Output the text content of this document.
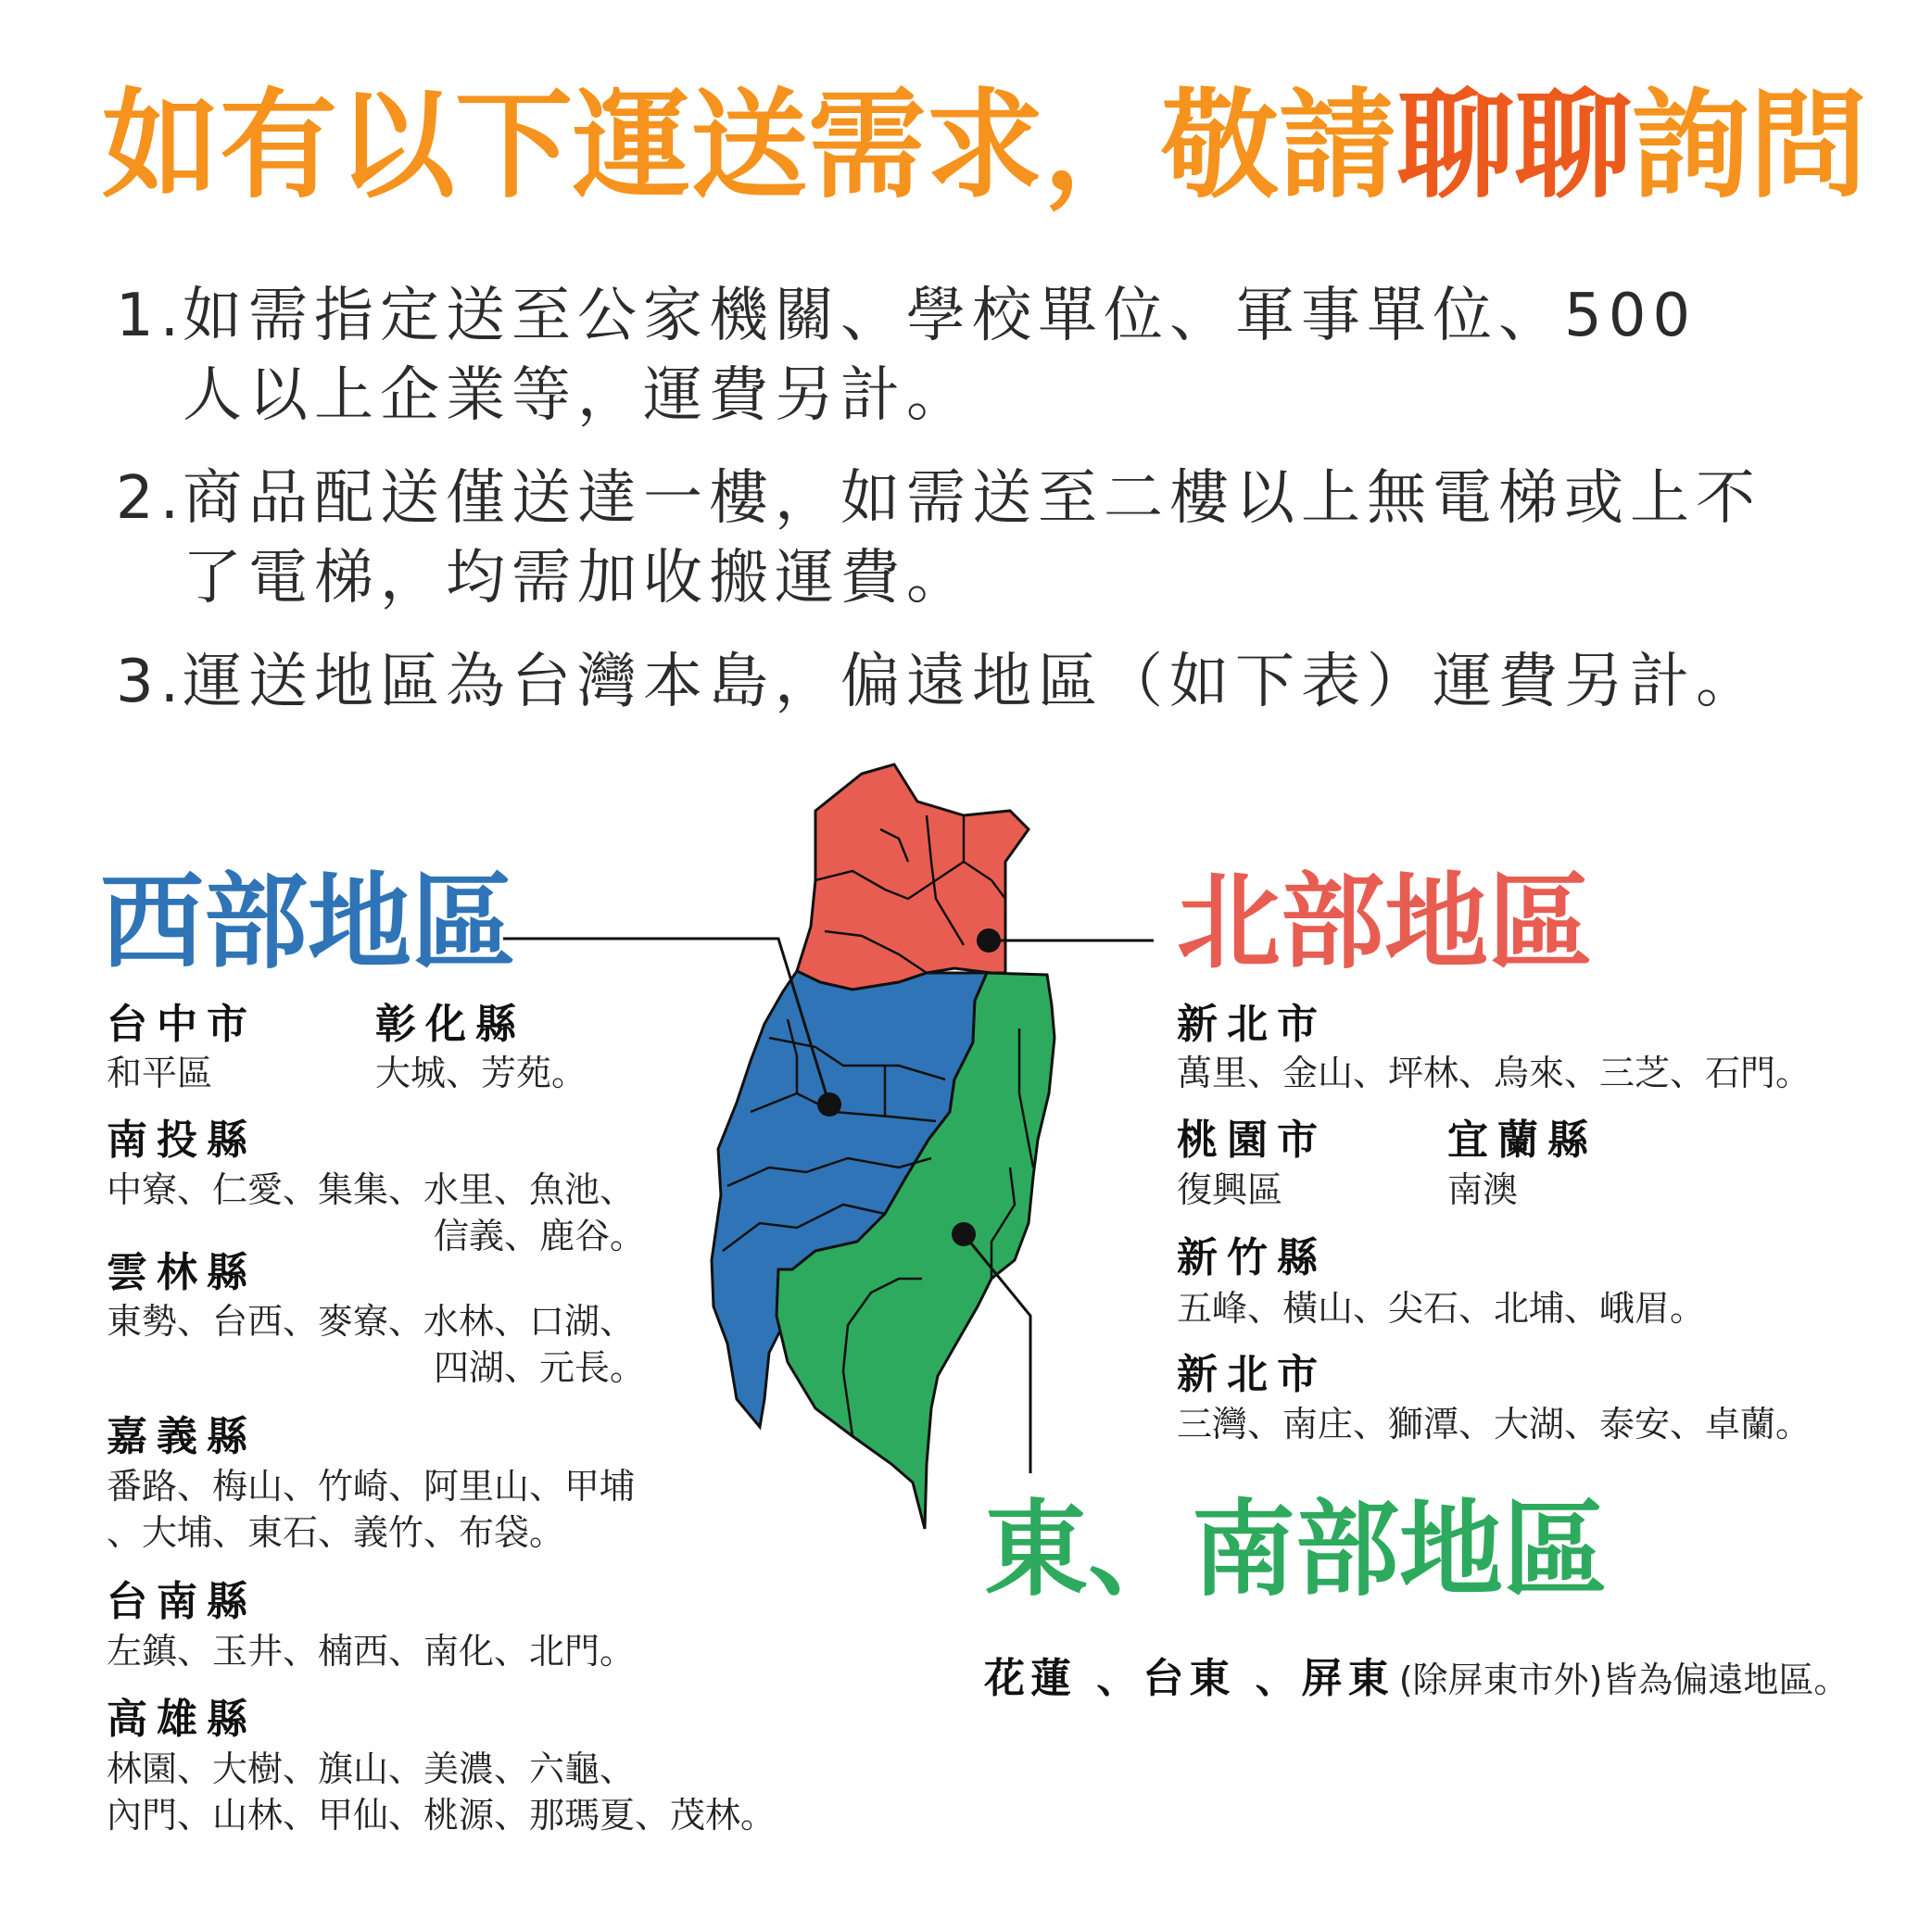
如有以下運送需求，敬請聊聊詢問
1.如需指定送至公家機關、學校單位、軍事單位、500
人以上企業等，運費另計。
2.商品配送僅送達一樓，如需送至二樓以上無電梯或上不
了電梯，均需加收搬運費。
3.運送地區為台灣本島，偏遠地區（如下表）運費另計。
西部地區
台中市
和平區
彰化縣
大城、芳苑。
南投縣
中寮、仁愛、集集、水里、魚池、
信義、鹿谷。
雲林縣
東勢、台西、麥寮、水林、口湖、
四湖、元長。
嘉義縣
番路、梅山、竹崎、阿里山、甲埔
、大埔、東石、義竹、布袋。
台南縣
左鎮、玉井、楠西、南化、北門。
高雄縣
林園、大樹、旗山、美濃、六龜、
內門、山林、甲仙、桃源、那瑪夏、茂林。
北部地區
新北市
萬里、金山、坪林、烏來、三芝、石門。
桃園市
復興區
宜蘭縣
南澳
新竹縣
五峰、橫山、尖石、北埔、峨眉。
新北市
三灣、南庄、獅潭、大湖、泰安、卓蘭。
東、南部地區
花蓮 、台東 、屏東 (除屏東市外)皆為偏遠地區。
